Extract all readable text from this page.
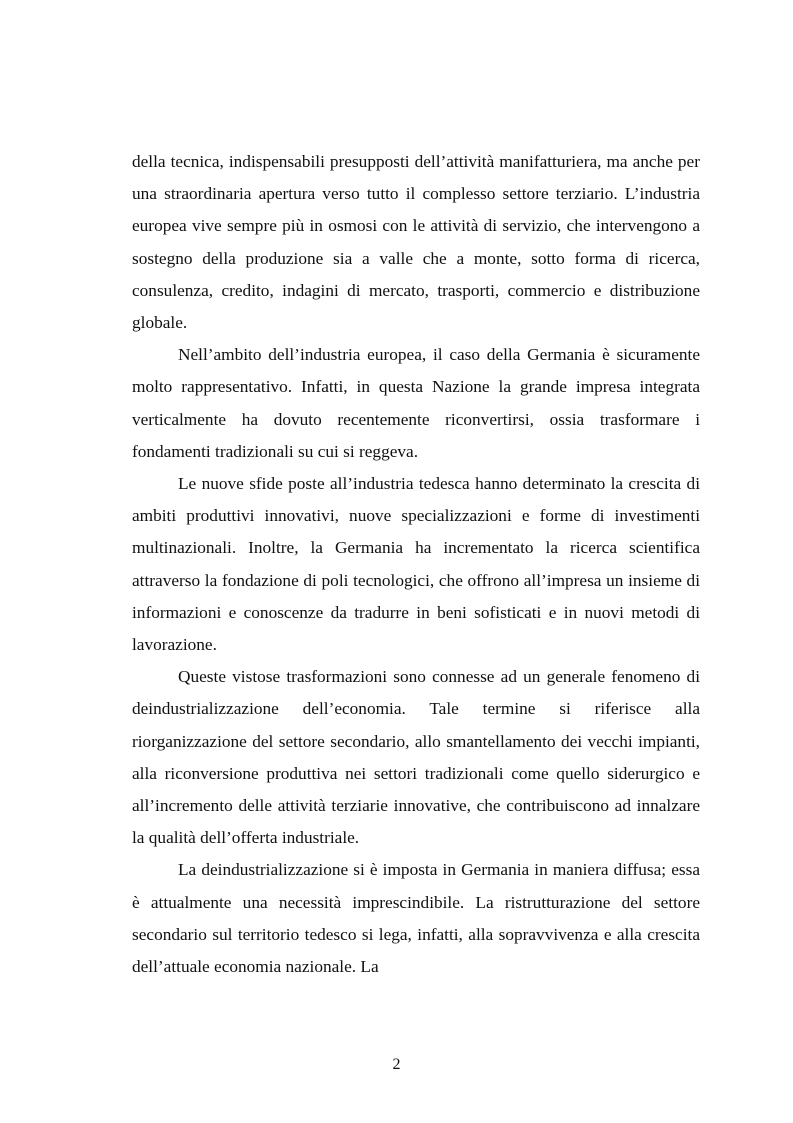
della tecnica, indispensabili presupposti dell’attività manifatturiera, ma anche per una straordinaria apertura verso tutto il complesso settore terziario. L’industria europea vive sempre più in osmosi con le attività di servizio, che intervengono a sostegno della produzione sia a valle che a monte, sotto forma di ricerca, consulenza, credito, indagini di mercato, trasporti, commercio e distribuzione globale.

Nell’ambito dell’industria europea, il caso della Germania è sicuramente molto rappresentativo. Infatti, in questa Nazione la grande impresa integrata verticalmente ha dovuto recentemente riconvertirsi, ossia trasformare i fondamenti tradizionali su cui si reggeva.

Le nuove sfide poste all’industria tedesca hanno determinato la crescita di ambiti produttivi innovativi, nuove specializzazioni e forme di investimenti multinazionali. Inoltre, la Germania ha incrementato la ricerca scientifica attraverso la fondazione di poli tecnologici, che offrono all’impresa un insieme di informazioni e conoscenze da tradurre in beni sofisticati e in nuovi metodi di lavorazione.

Queste vistose trasformazioni sono connesse ad un generale fenomeno di deindustrializzazione dell’economia. Tale termine si riferisce alla riorganizzazione del settore secondario, allo smantellamento dei vecchi impianti, alla riconversione produttiva nei settori tradizionali come quello siderurgico e all’incremento delle attività terziarie innovative, che contribuiscono ad innalzare la qualità dell’offerta industriale.

La deindustrializzazione si è imposta in Germania in maniera diffusa; essa è attualmente una necessità imprescindibile. La ristrutturazione del settore secondario sul territorio tedesco si lega, infatti, alla sopravvivenza e alla crescita dell’attuale economia nazionale. La

2
